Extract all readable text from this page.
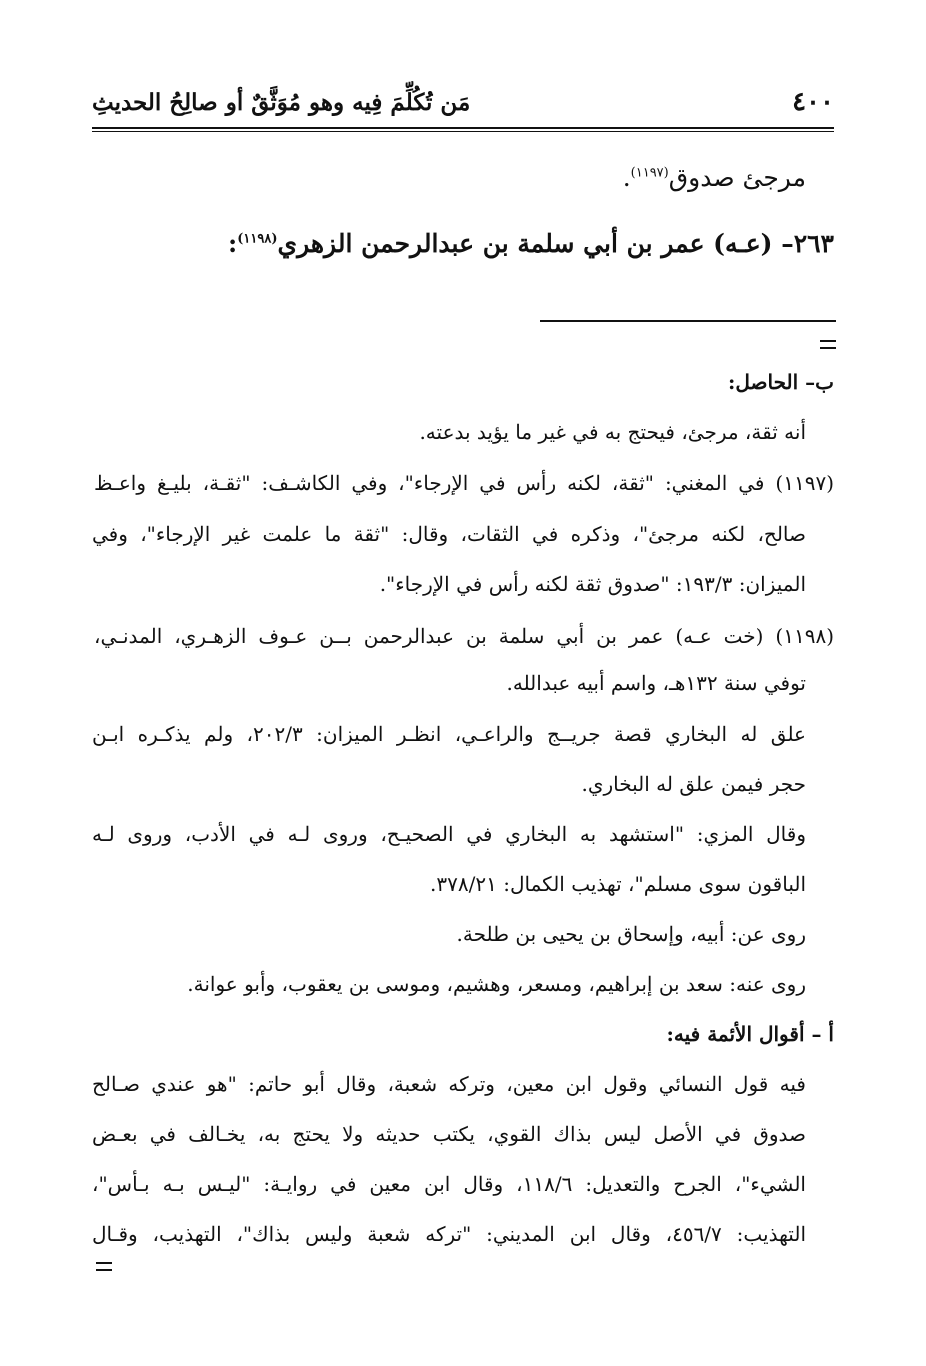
٤٠٠
مَن تُكُلِّمَ فِيه وهو مُوَثَّقٌ أو صالِحُ الحديثِ
مرجئ صدوق$^{(١١٩٧)}$.
٢٦٣– (عـه) عمر بن أبي سلمة بن عبدالرحمن الزهري$^{(١١٩٨)}$:
ب– الحاصل:
أنه ثقة، مرجئ، فيحتج به في غير ما يؤيد بدعته.
(١١٩٧) في المغني: "ثقة، لكنه رأس في الإرجاء"، وفي الكاشـف: "ثقـة، بليـغ واعـظ
صالح، لكنه مرجئ"، وذكره في الثقات، وقال: "ثقة ما علمت غير الإرجاء"، وفي
الميزان: ١٩٣/٣: "صدوق ثقة لكنه رأس في الإرجاء".
(١١٩٨) (خت عـه) عمر بن أبي سلمة بن عبدالرحمن بــن عـوف الزهـري، المدنـي،
توفي سنة ١٣٢هـ، واسم أبيه عبدالله.
علق له البخاري قصة جريــج والراعـي، انظـر الميزان: ٢٠٢/٣، ولم يذكـره ابـن
حجر فيمن علق له البخاري.
وقال المزي: "استشهد به البخاري في الصحيـح، وروى لـه في الأدب، وروى لـه
الباقون سوى مسلم"، تهذيب الكمال: ٣٧٨/٢١.
روى عن: أبيه، وإسحاق بن يحيى بن طلحة.
روى عنه: سعد بن إبراهيم، ومسعر، وهشيم، وموسى بن يعقوب، وأبو عوانة.
أ – أقوال الأئمة فيه:
فيه قول النسائي وقول ابن معين، وتركه شعبة، وقال أبو حاتم: "هو عندي صـالح
صدوق في الأصل ليس بذاك القوي، يكتب حديثه ولا يحتج به، يخـالف في بعـض
الشيء"، الجرح والتعديل: ١١٨/٦، وقال ابن معين في روايـة: "ليـس بـه بـأس"،
التهذيب: ٤٥٦/٧، وقال ابن المديني: "تركه شعبة وليس بذاك"، التهذيب، وقـال
